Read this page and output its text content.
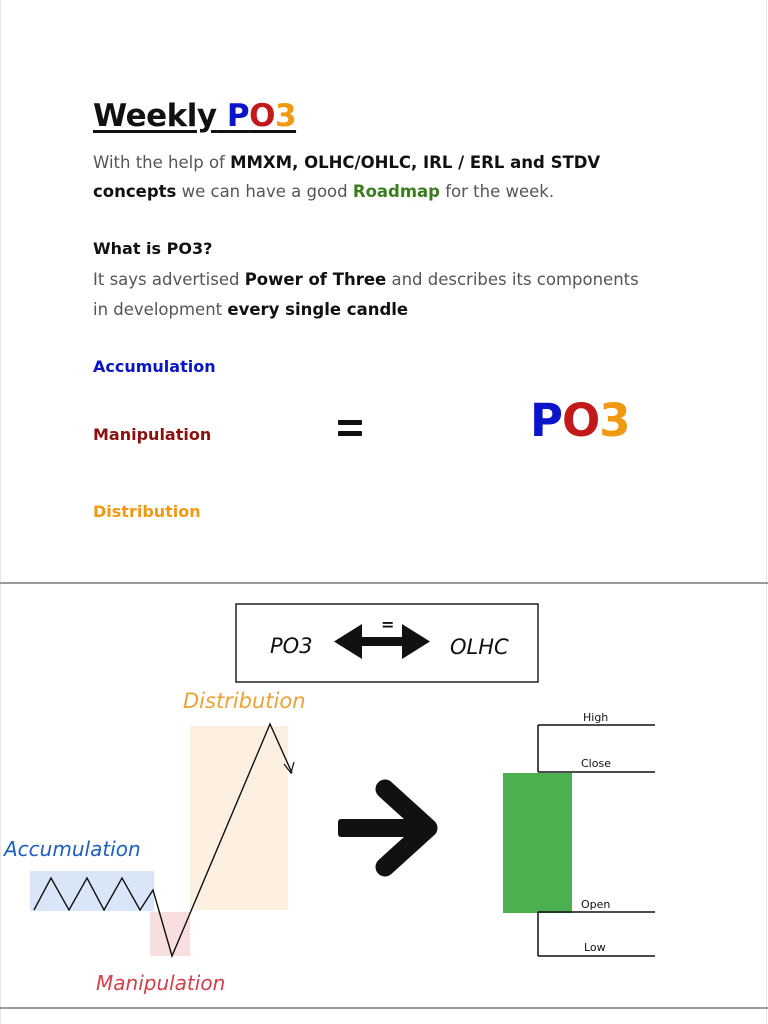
Weekly PO3
With the help of MMXM, OLHC/OHLC, IRL / ERL and STDV
concepts we can have a good Roadmap for the week.
What is PO3?
It says advertised Power of Three and describes its components
in development every single candle
Accumulation
Manipulation
Distribution
PO3
PO3
=
OLHC
Distribution
Accumulation
Manipulation
High
Close
Open
Low
